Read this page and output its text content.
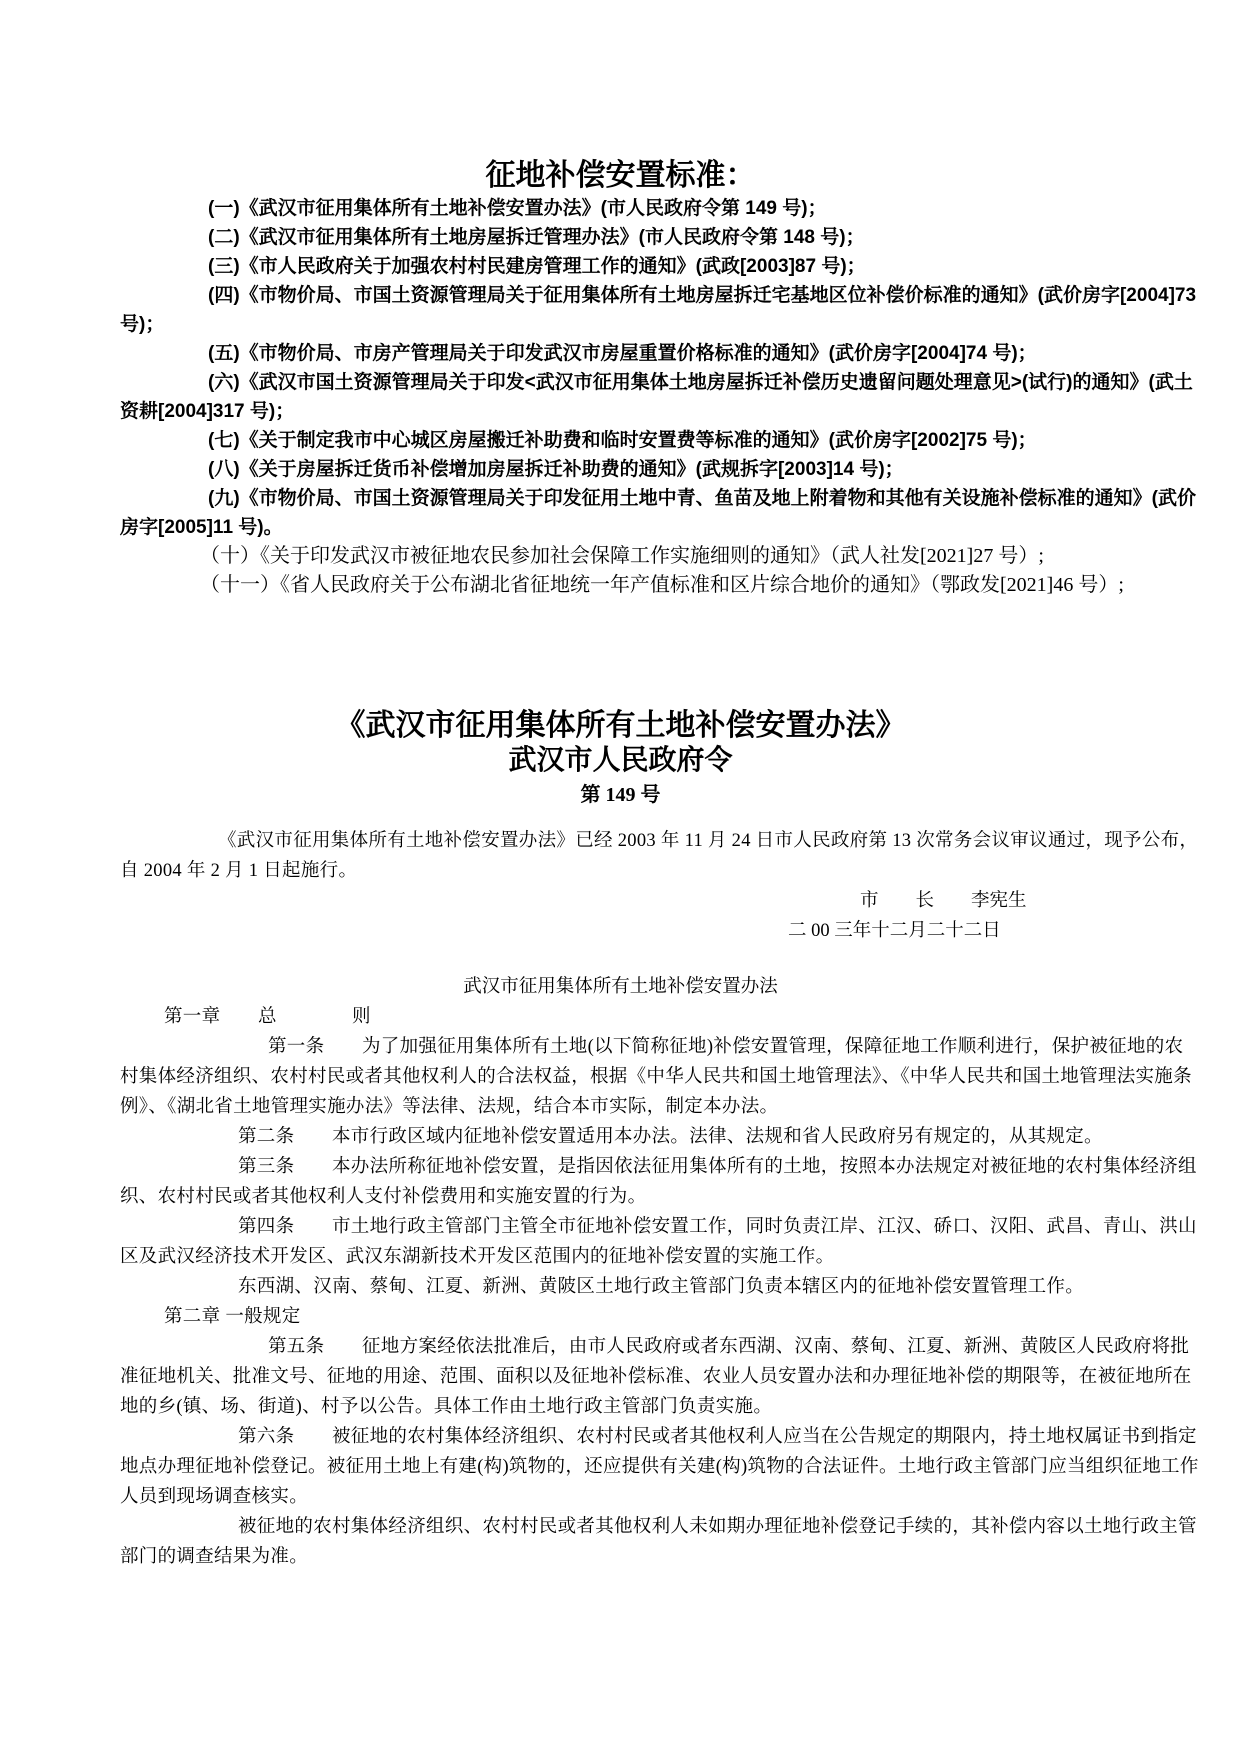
征地补偿安置标准：

(一)《武汉市征用集体所有土地补偿安置办法》(市人民政府令第 149 号)；

(二)《武汉市征用集体所有土地房屋拆迁管理办法》(市人民政府令第 148 号)；

(三)《市人民政府关于加强农村村民建房管理工作的通知》(武政[2003]87 号)；

(四)《市物价局、市国土资源管理局关于征用集体所有土地房屋拆迁宅基地区位补偿价标准的通知》(武价房字[2004]73 号)；

(五)《市物价局、市房产管理局关于印发武汉市房屋重置价格标准的通知》(武价房字[2004]74 号)；

(六)《武汉市国土资源管理局关于印发<武汉市征用集体土地房屋拆迁补偿历史遗留问题处理意见>(试行)的通知》(武土资耕[2004]317 号)；

(七)《关于制定我市中心城区房屋搬迁补助费和临时安置费等标准的通知》(武价房字[2002]75 号)；

(八)《关于房屋拆迁货币补偿增加房屋拆迁补助费的通知》(武规拆字[2003]14 号)；

(九)《市物价局、市国土资源管理局关于印发征用土地中青、鱼苗及地上附着物和其他有关设施补偿标准的通知》(武价房字[2005]11 号)。

（十）《关于印发武汉市被征地农民参加社会保障工作实施细则的通知》（武人社发[2021]27 号）;

（十一）《省人民政府关于公布湖北省征地统一年产值标准和区片综合地价的通知》（鄂政发[2021]46 号）;

《武汉市征用集体所有土地补偿安置办法》
武汉市人民政府令
第 149 号

《武汉市征用集体所有土地补偿安置办法》已经 2003 年 11 月 24 日市人民政府第 13 次常务会议审议通过，现予公布，自 2004 年 2 月 1 日起施行。

市　　长　　李宪生
二 00 三年十二月二十二日
武汉市征用集体所有土地补偿安置办法

第一章　　总　　　　则

第一条　　为了加强征用集体所有土地(以下简称征地)补偿安置管理，保障征地工作顺利进行，保护被征地的农村集体经济组织、农村村民或者其他权利人的合法权益，根据《中华人民共和国土地管理法》、《中华人民共和国土地管理法实施条例》、《湖北省土地管理实施办法》等法律、法规，结合本市实际，制定本办法。

第二条　　本市行政区域内征地补偿安置适用本办法。法律、法规和省人民政府另有规定的，从其规定。

第三条　　本办法所称征地补偿安置，是指因依法征用集体所有的土地，按照本办法规定对被征地的农村集体经济组织、农村村民或者其他权利人支付补偿费用和实施安置的行为。

第四条　　市土地行政主管部门主管全市征地补偿安置工作，同时负责江岸、江汉、硚口、汉阳、武昌、青山、洪山区及武汉经济技术开发区、武汉东湖新技术开发区范围内的征地补偿安置的实施工作。

东西湖、汉南、蔡甸、江夏、新洲、黄陂区土地行政主管部门负责本辖区内的征地补偿安置管理工作。

第二章 一般规定

第五条　　征地方案经依法批准后，由市人民政府或者东西湖、汉南、蔡甸、江夏、新洲、黄陂区人民政府将批准征地机关、批准文号、征地的用途、范围、面积以及征地补偿标准、农业人员安置办法和办理征地补偿的期限等，在被征地所在地的乡(镇、场、街道)、村予以公告。具体工作由土地行政主管部门负责实施。

第六条　　被征地的农村集体经济组织、农村村民或者其他权利人应当在公告规定的期限内，持土地权属证书到指定地点办理征地补偿登记。被征用土地上有建(构)筑物的，还应提供有关建(构)筑物的合法证件。土地行政主管部门应当组织征地工作人员到现场调查核实。

被征地的农村集体经济组织、农村村民或者其他权利人未如期办理征地补偿登记手续的，其补偿内容以土地行政主管部门的调查结果为准。
